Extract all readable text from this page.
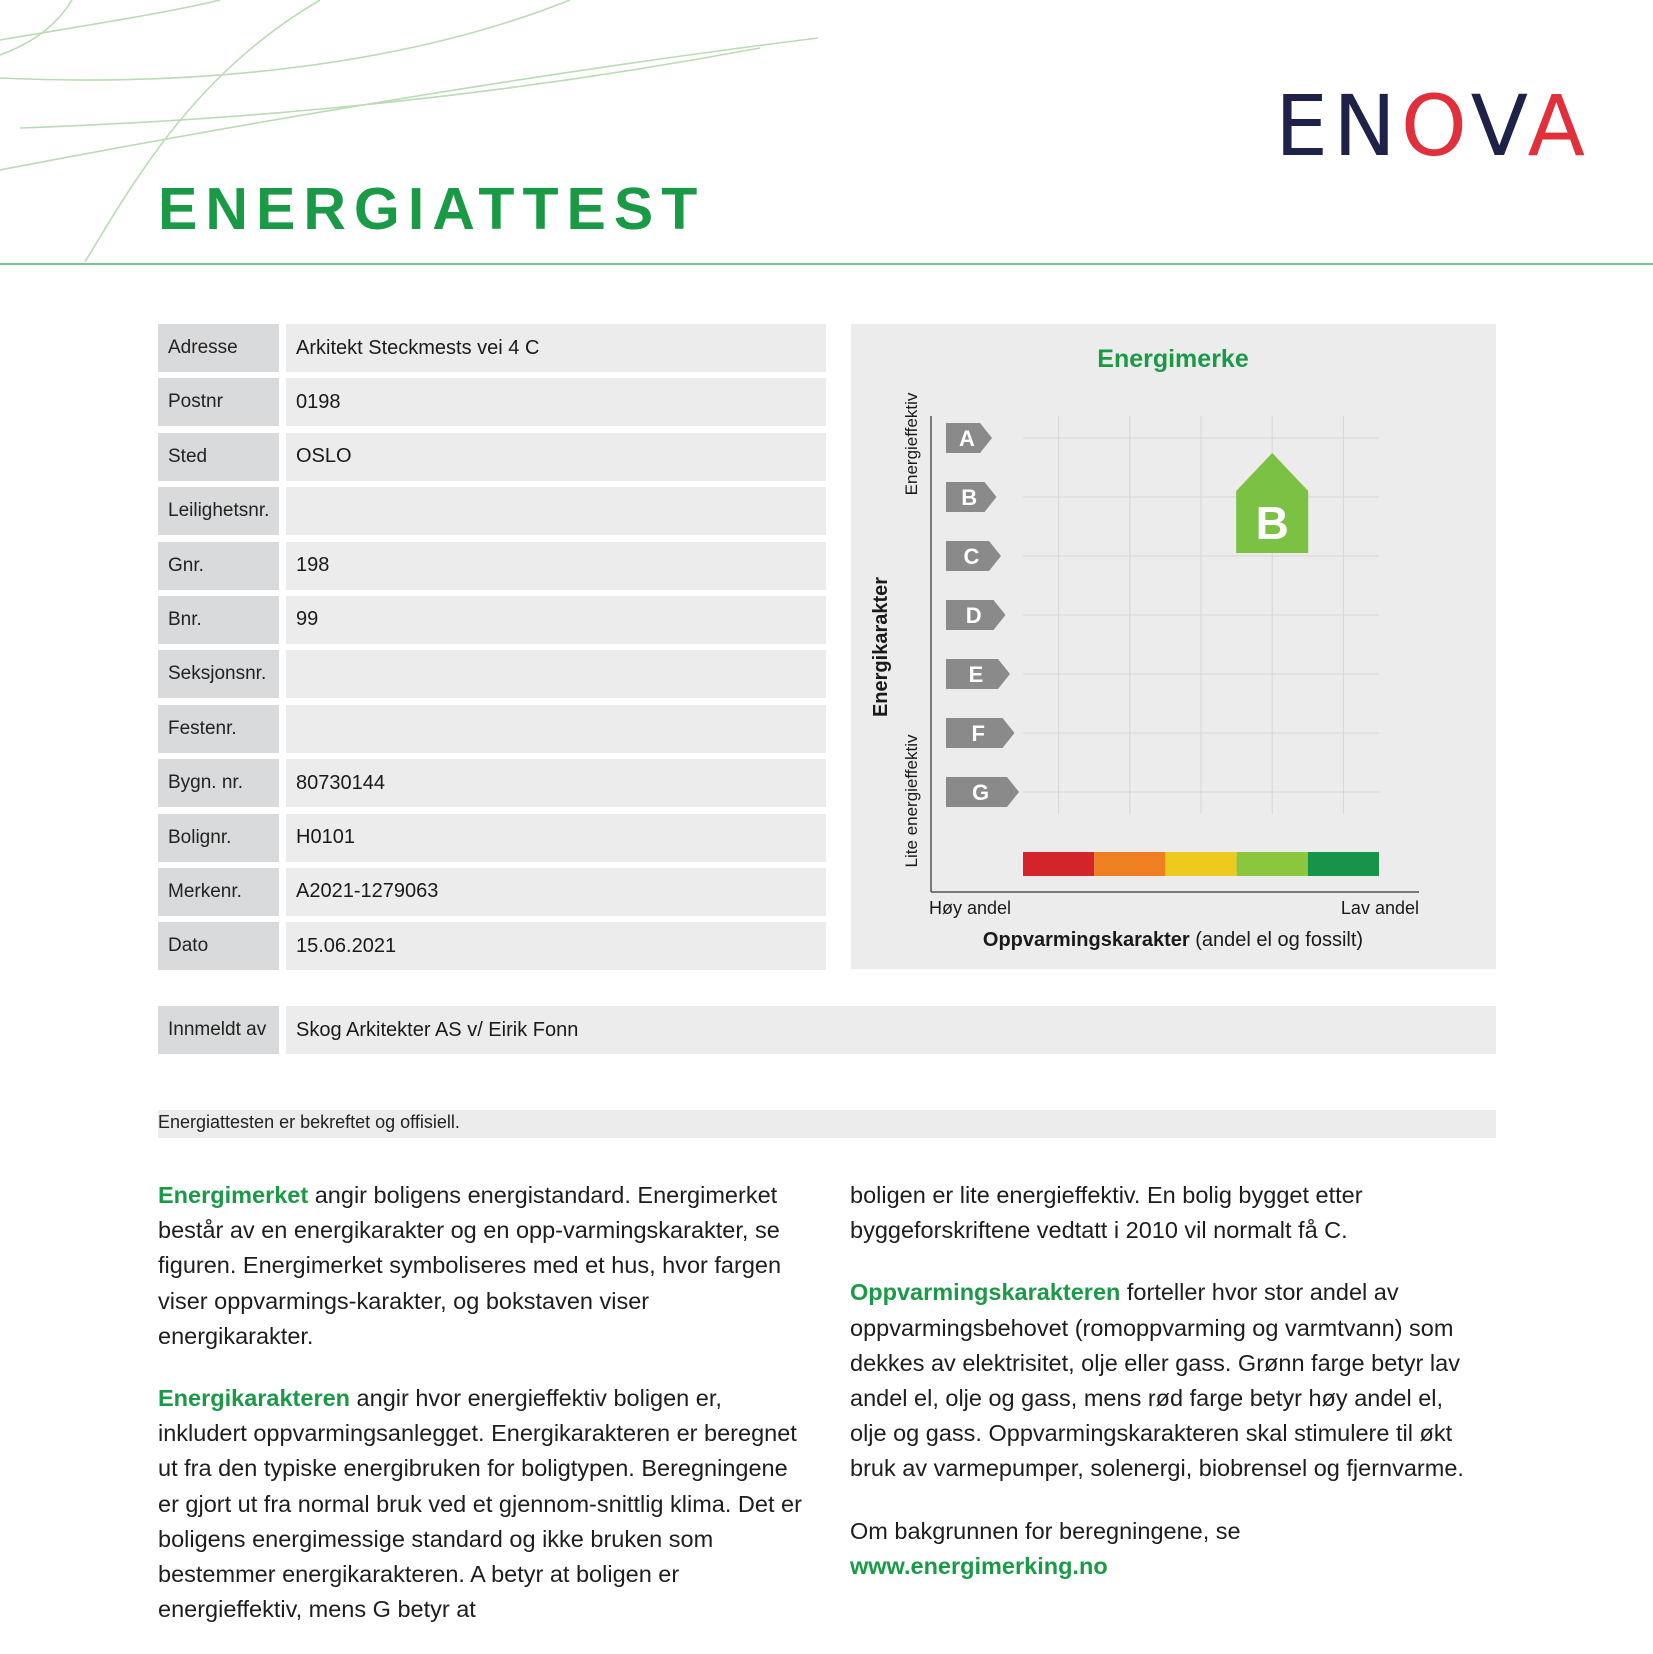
ENOVA
ENERGIATTEST
Adresse	Arkitekt Steckmests vei 4 C
Postnr	0198
Sted	OSLO
Leilighetsnr.
Gnr.	198
Bnr.	99
Seksjonsnr.
Festenr.
Bygn. nr.	80730144
Bolignr.	H0101
Merkenr.	A2021-1279063
Dato	15.06.2021
Energimerke
Energikarakter
Energieffektiv
Lite energieffektiv
A
B
C
D
E
F
G
B
Høy andel	Lav andel
Oppvarmingskarakter (andel el og fossilt)
Innmeldt av	Skog Arkitekter AS v/ Eirik Fonn
Energiattesten er bekreftet og offisiell.

Energimerket angir boligens energistandard. Energimerket består av en energikarakter og en opp-varmingskarakter, se figuren. Energimerket symboliseres med et hus, hvor fargen viser oppvarmings-karakter, og bokstaven viser energikarakter.

Energikarakteren angir hvor energieffektiv boligen er, inkludert oppvarmingsanlegget. Energikarakteren er beregnet ut fra den typiske energibruken for boligtypen. Beregningene er gjort ut fra normal bruk ved et gjennom-snittlig klima. Det er boligens energimessige standard og ikke bruken som bestemmer energikarakteren. A betyr at boligen er energieffektiv, mens G betyr at

boligen er lite energieffektiv. En bolig bygget etter byggeforskriftene vedtatt i 2010 vil normalt få C.

Oppvarmingskarakteren forteller hvor stor andel av oppvarmingsbehovet (romoppvarming og varmtvann) som dekkes av elektrisitet, olje eller gass. Grønn farge betyr lav andel el, olje og gass, mens rød farge betyr høy andel el, olje og gass. Oppvarmingskarakteren skal stimulere til økt bruk av varmepumper, solenergi, biobrensel og fjernvarme.

Om bakgrunnen for beregningene, se www.energimerking.no
